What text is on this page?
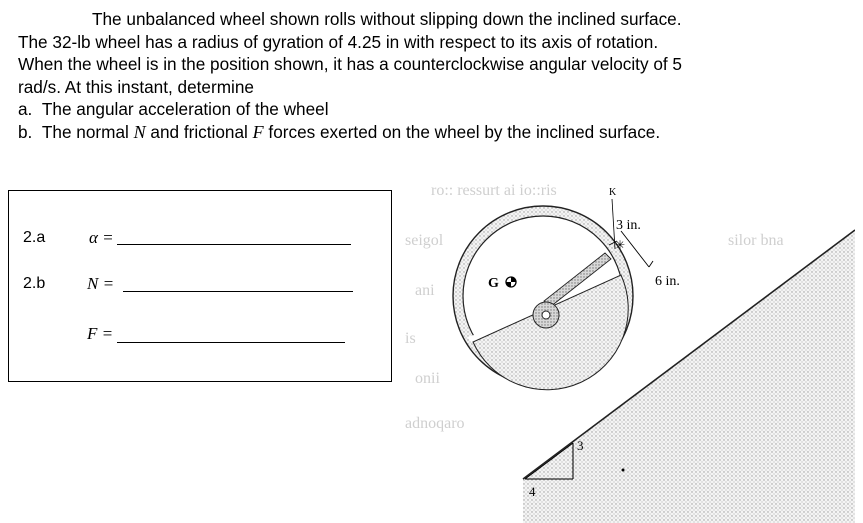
The unbalanced wheel shown rolls without slipping down the inclined surface.

The 32-lb wheel has a radius of gyration of 4.25 in with respect to its axis of rotation.

When the wheel is in the position shown, it has a counterclockwise angular velocity of 5

rad/s. At this instant, determine

a. The angular acceleration of the wheel
b. The normal N and frictional F forces exerted on the wheel by the inclined surface.
2.a	α =
2.b N =
F =
ro:: ressurt ai io::ris
seigol	silor bna
ani
is
onii
adnoqaro
3
4
G
K
✳
3 in.
6 in.
